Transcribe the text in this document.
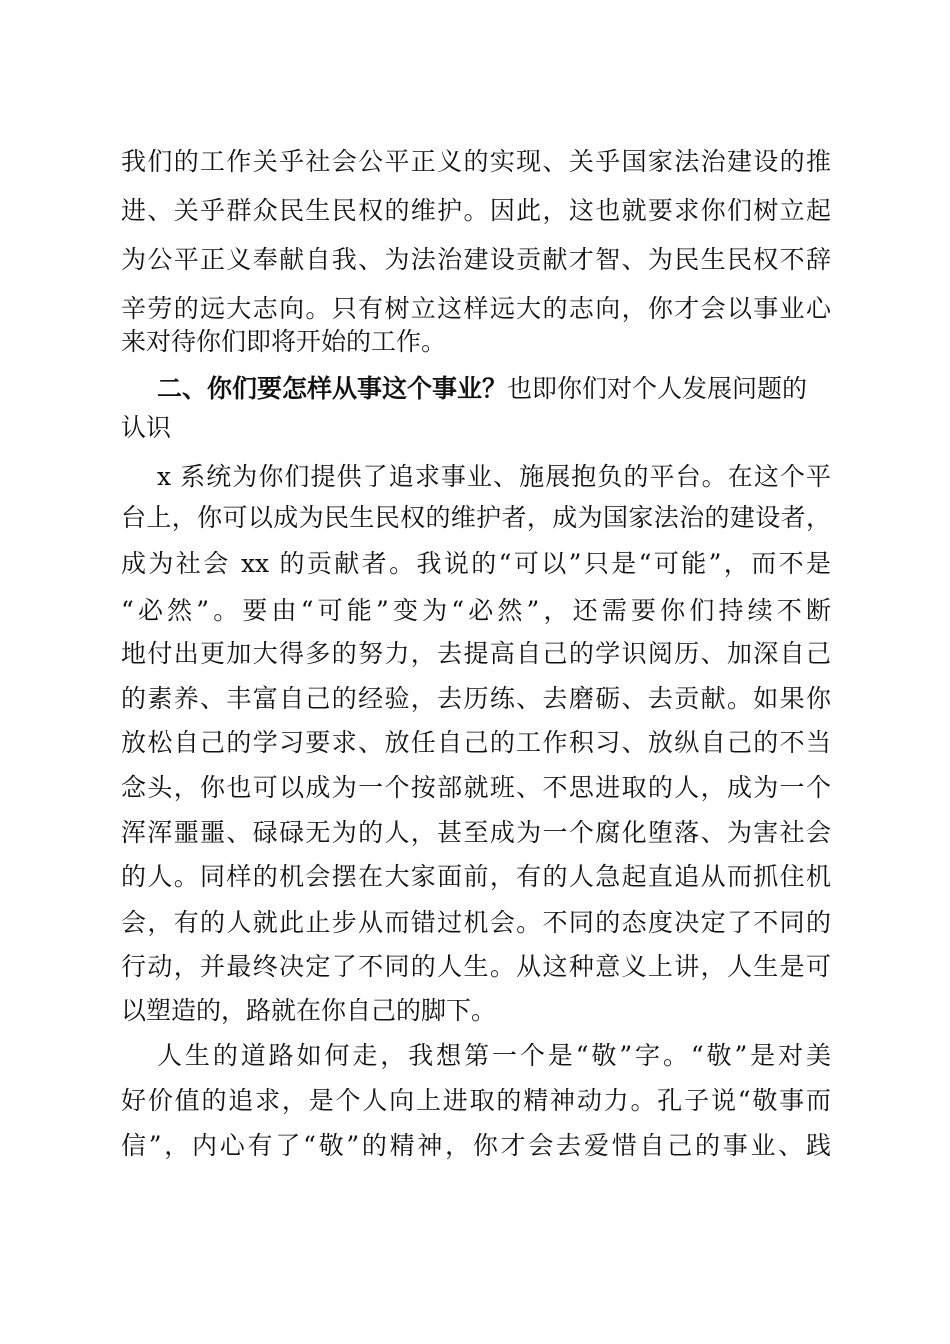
我们的工作关乎社会公平正义的实现、关乎国家法治建设的推
进、关乎群众民生民权的维护。因此，这也就要求你们树立起
为公平正义奉献自我、为法治建设贡献才智、为民生民权不辞
辛劳的远大志向。只有树立这样远大的志向，你才会以事业心
来对待你们即将开始的工作。
二、你们要怎样从事这个事业？也即你们对个人发展问题的
认识
x 系统为你们提供了追求事业、施展抱负的平台。在这个平
台上，你可以成为民生民权的维护者，成为国家法治的建设者，
成为社会 xx 的贡献者。我说的“可以”只是“可能”，而不是
“必然”。要由“可能”变为“必然”，还需要你们持续不断
地付出更加大得多的努力，去提高自己的学识阅历、加深自己
的素养、丰富自己的经验，去历练、去磨砺、去贡献。如果你
放松自己的学习要求、放任自己的工作积习、放纵自己的不当
念头，你也可以成为一个按部就班、不思进取的人，成为一个
浑浑噩噩、碌碌无为的人，甚至成为一个腐化堕落、为害社会
的人。同样的机会摆在大家面前，有的人急起直追从而抓住机
会，有的人就此止步从而错过机会。不同的态度决定了不同的
行动，并最终决定了不同的人生。从这种意义上讲，人生是可
以塑造的，路就在你自己的脚下。
人生的道路如何走，我想第一个是“敬”字。“敬”是对美
好价值的追求，是个人向上进取的精神动力。孔子说“敬事而
信”，内心有了“敬”的精神，你才会去爱惜自己的事业、践
